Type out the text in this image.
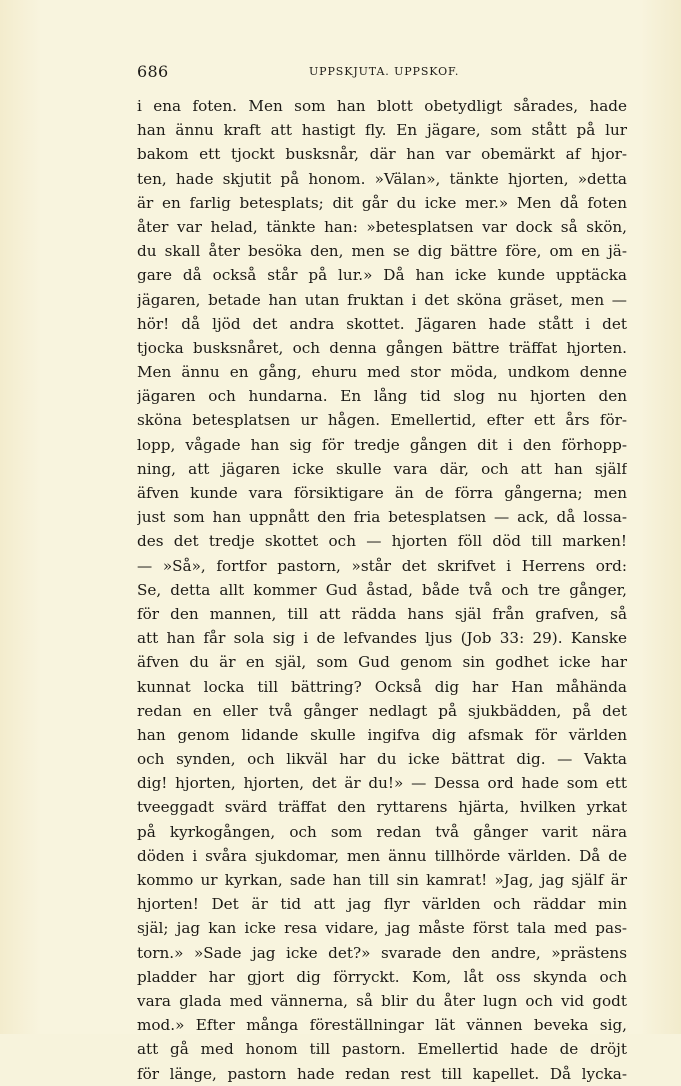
686	UPPSKJUTA. UPPSKOF.
i ena foten. Men som han blott obetydligt sårades, hade
han ännu kraft att hastigt fly. En jägare, som stått på lur
bakom ett tjockt busksnår, där han var obemärkt af hjor-
ten, hade skjutit på honom. »Välan», tänkte hjorten, »detta
är en farlig betesplats; dit går du icke mer.» Men då foten
åter var helad, tänkte han: »betesplatsen var dock så skön,
du skall åter besöka den, men se dig bättre före, om en jä-
gare då också står på lur.» Då han icke kunde upptäcka
jägaren, betade han utan fruktan i det sköna gräset, men —
hör! då ljöd det andra skottet. Jägaren hade stått i det
tjocka busksnåret, och denna gången bättre träffat hjorten.
Men ännu en gång, ehuru med stor möda, undkom denne
jägaren och hundarna. En lång tid slog nu hjorten den
sköna betesplatsen ur hågen. Emellertid, efter ett års för-
lopp, vågade han sig för tredje gången dit i den förhopp-
ning, att jägaren icke skulle vara där, och att han själf
äfven kunde vara försiktigare än de förra gångerna; men
just som han uppnått den fria betesplatsen — ack, då lossa-
des det tredje skottet och — hjorten föll död till marken!
— »Så», fortfor pastorn, »står det skrifvet i Herrens ord:
Se, detta allt kommer Gud åstad, både två och tre gånger,
för den mannen, till att rädda hans själ från grafven, så
att han får sola sig i de lefvandes ljus (Job 33: 29). Kanske
äfven du är en själ, som Gud genom sin godhet icke har
kunnat locka till bättring? Också dig har Han måhända
redan en eller två gånger nedlagt på sjukbädden, på det
han genom lidande skulle ingifva dig afsmak för världen
och synden, och likväl har du icke bättrat dig. — Vakta
dig! hjorten, hjorten, det är du!» — Dessa ord hade som ett
tveeggadt svärd träffat den ryttarens hjärta, hvilken yrkat
på kyrkogången, och som redan två gånger varit nära
döden i svåra sjukdomar, men ännu tillhörde världen. Då de
kommo ur kyrkan, sade han till sin kamrat! »Jag, jag själf är
hjorten! Det är tid att jag flyr världen och räddar min
själ; jag kan icke resa vidare, jag måste först tala med pas-
torn.» »Sade jag icke det?» svarade den andre, »prästens
pladder har gjort dig förryckt. Kom, låt oss skynda och
vara glada med vännerna, så blir du åter lugn och vid godt
mod.» Efter många föreställningar lät vännen beveka sig,
att gå med honom till pastorn. Emellertid hade de dröjt
för länge, pastorn hade redan rest till kapellet. Då lycka-
